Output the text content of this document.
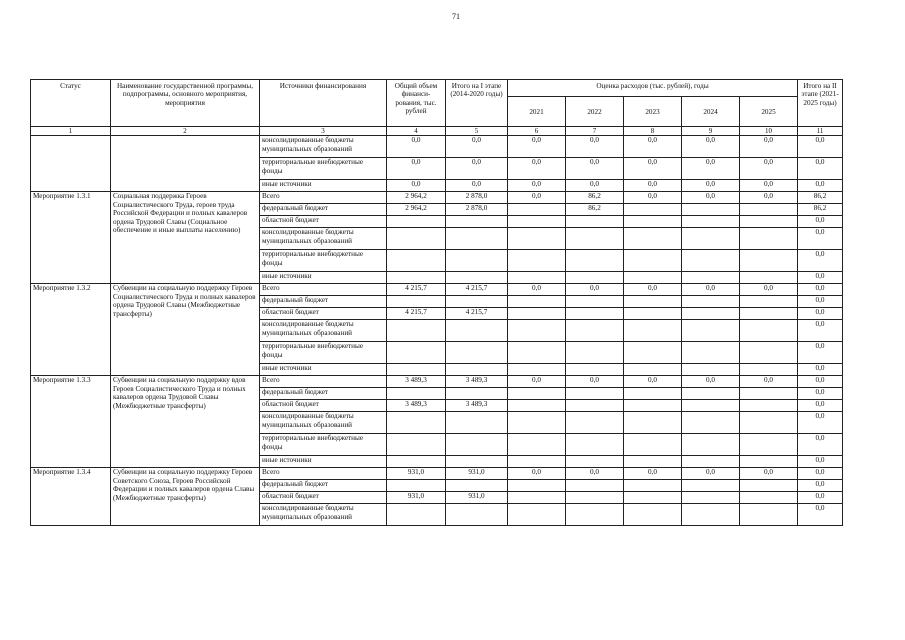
71
Статус	Наименование государственной программы, подпрограммы, основного мероприятия, мероприятия	Источники финансирования	Общий объем финанси-рования, тыс. рублей	Итого на I этапе (2014-2020 годы)	Оценка расходов (тыс. рублей), годы					Итого на II этапе (2021-2025 годы)
					2021	2022	2023	2024	2025	
1	2	3	4	5	6	7	8	9	10	11
		консолидированные бюджеты муниципальных образований	0,0	0,0	0,0	0,0	0,0	0,0	0,0	0,0
		территориальные внебюджетные фонды	0,0	0,0	0,0	0,0	0,0	0,0	0,0	0,0
		иные источники	0,0	0,0	0,0	0,0	0,0	0,0	0,0	0,0
Мероприятие 1.3.1	Социальная поддержка Героев Социалистического Труда, героев труда Российской Федерации и полных кавалеров ордена Трудовой Славы (Социальное обеспечение и иные выплаты населению)	Всего	2 964,2	2 878,0	0,0	86,2	0,0	0,0	0,0	86,2
		федеральный бюджет	2 964,2	2 878,0		86,2				86,2
		областной бюджет								0,0
		консолидированные бюджеты муниципальных образований								0,0
		территориальные внебюджетные фонды								0,0
		иные источники								0,0
Мероприятие 1.3.2	Субвенции на социальную поддержку Героев Социалистического Труда и полных кавалеров ордена Трудовой Славы (Межбюджетные трансферты)	Всего	4 215,7	4 215,7	0,0	0,0	0,0	0,0	0,0	0,0
		федеральный бюджет								0,0
		областной бюджет	4 215,7	4 215,7						0,0
		консолидированные бюджеты муниципальных образований								0,0
		территориальные внебюджетные фонды								0,0
		иные источники								0,0
Мероприятие 1.3.3	Субвенции на социальную поддержку вдов Героев Социалистического Труда и полных кавалеров ордена Трудовой Славы (Межбюджетные трансферты)	Всего	3 489,3	3 489,3	0,0	0,0	0,0	0,0	0,0	0,0
		федеральный бюджет								0,0
		областной бюджет	3 489,3	3 489,3						0,0
		консолидированные бюджеты муниципальных образований								0,0
		территориальные внебюджетные фонды								0,0
		иные источники								0,0
Мероприятие 1.3.4	Субвенции на социальную поддержку Героев Советского Союза, Героев Российской Федерации и полных кавалеров ордена Славы (Межбюджетные трансферты)	Всего	931,0	931,0	0,0	0,0	0,0	0,0	0,0	0,0
		федеральный бюджет								0,0
		областной бюджет	931,0	931,0						0,0
		консолидированные бюджеты муниципальных образований								0,0
